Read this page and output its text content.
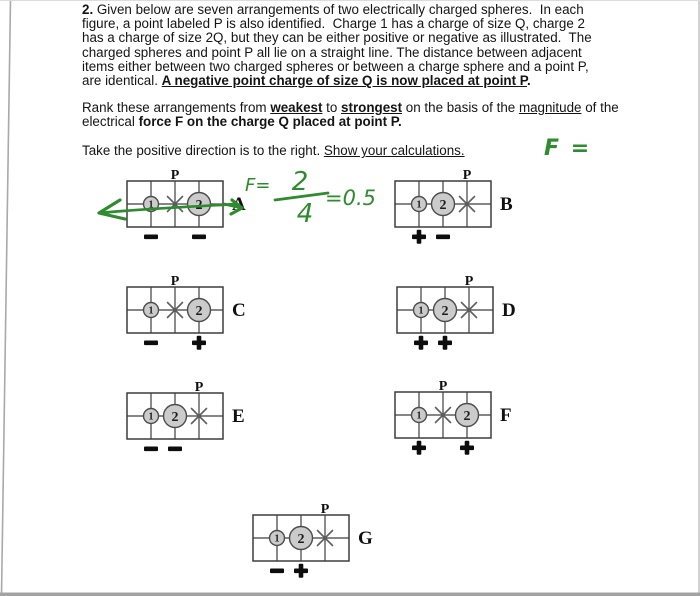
2. Given below are seven arrangements of two electrically charged spheres.  In each
figure, a point labeled P is also identified.  Charge 1 has a charge of size Q, charge 2
has a charge of size 2Q, but they can be either positive or negative as illustrated.  The
charged spheres and point P all lie on a straight line. The distance between adjacent
items either between two charged spheres or between a charge sphere and a point P,
are identical. A negative point charge of size Q is now placed at point P.
Rank these arrangements from weakest to strongest on the basis of the magnitude of the
electrical force F on the charge Q placed at point P.
Take the positive direction is to the right. Show your calculations.	F =
1
P
2 A	1 2
P
B
1
P
2 C	1 2
P
D
1 2
P
E	1
P
2 F
1 2
P
G
F= 2
4
=0.5
